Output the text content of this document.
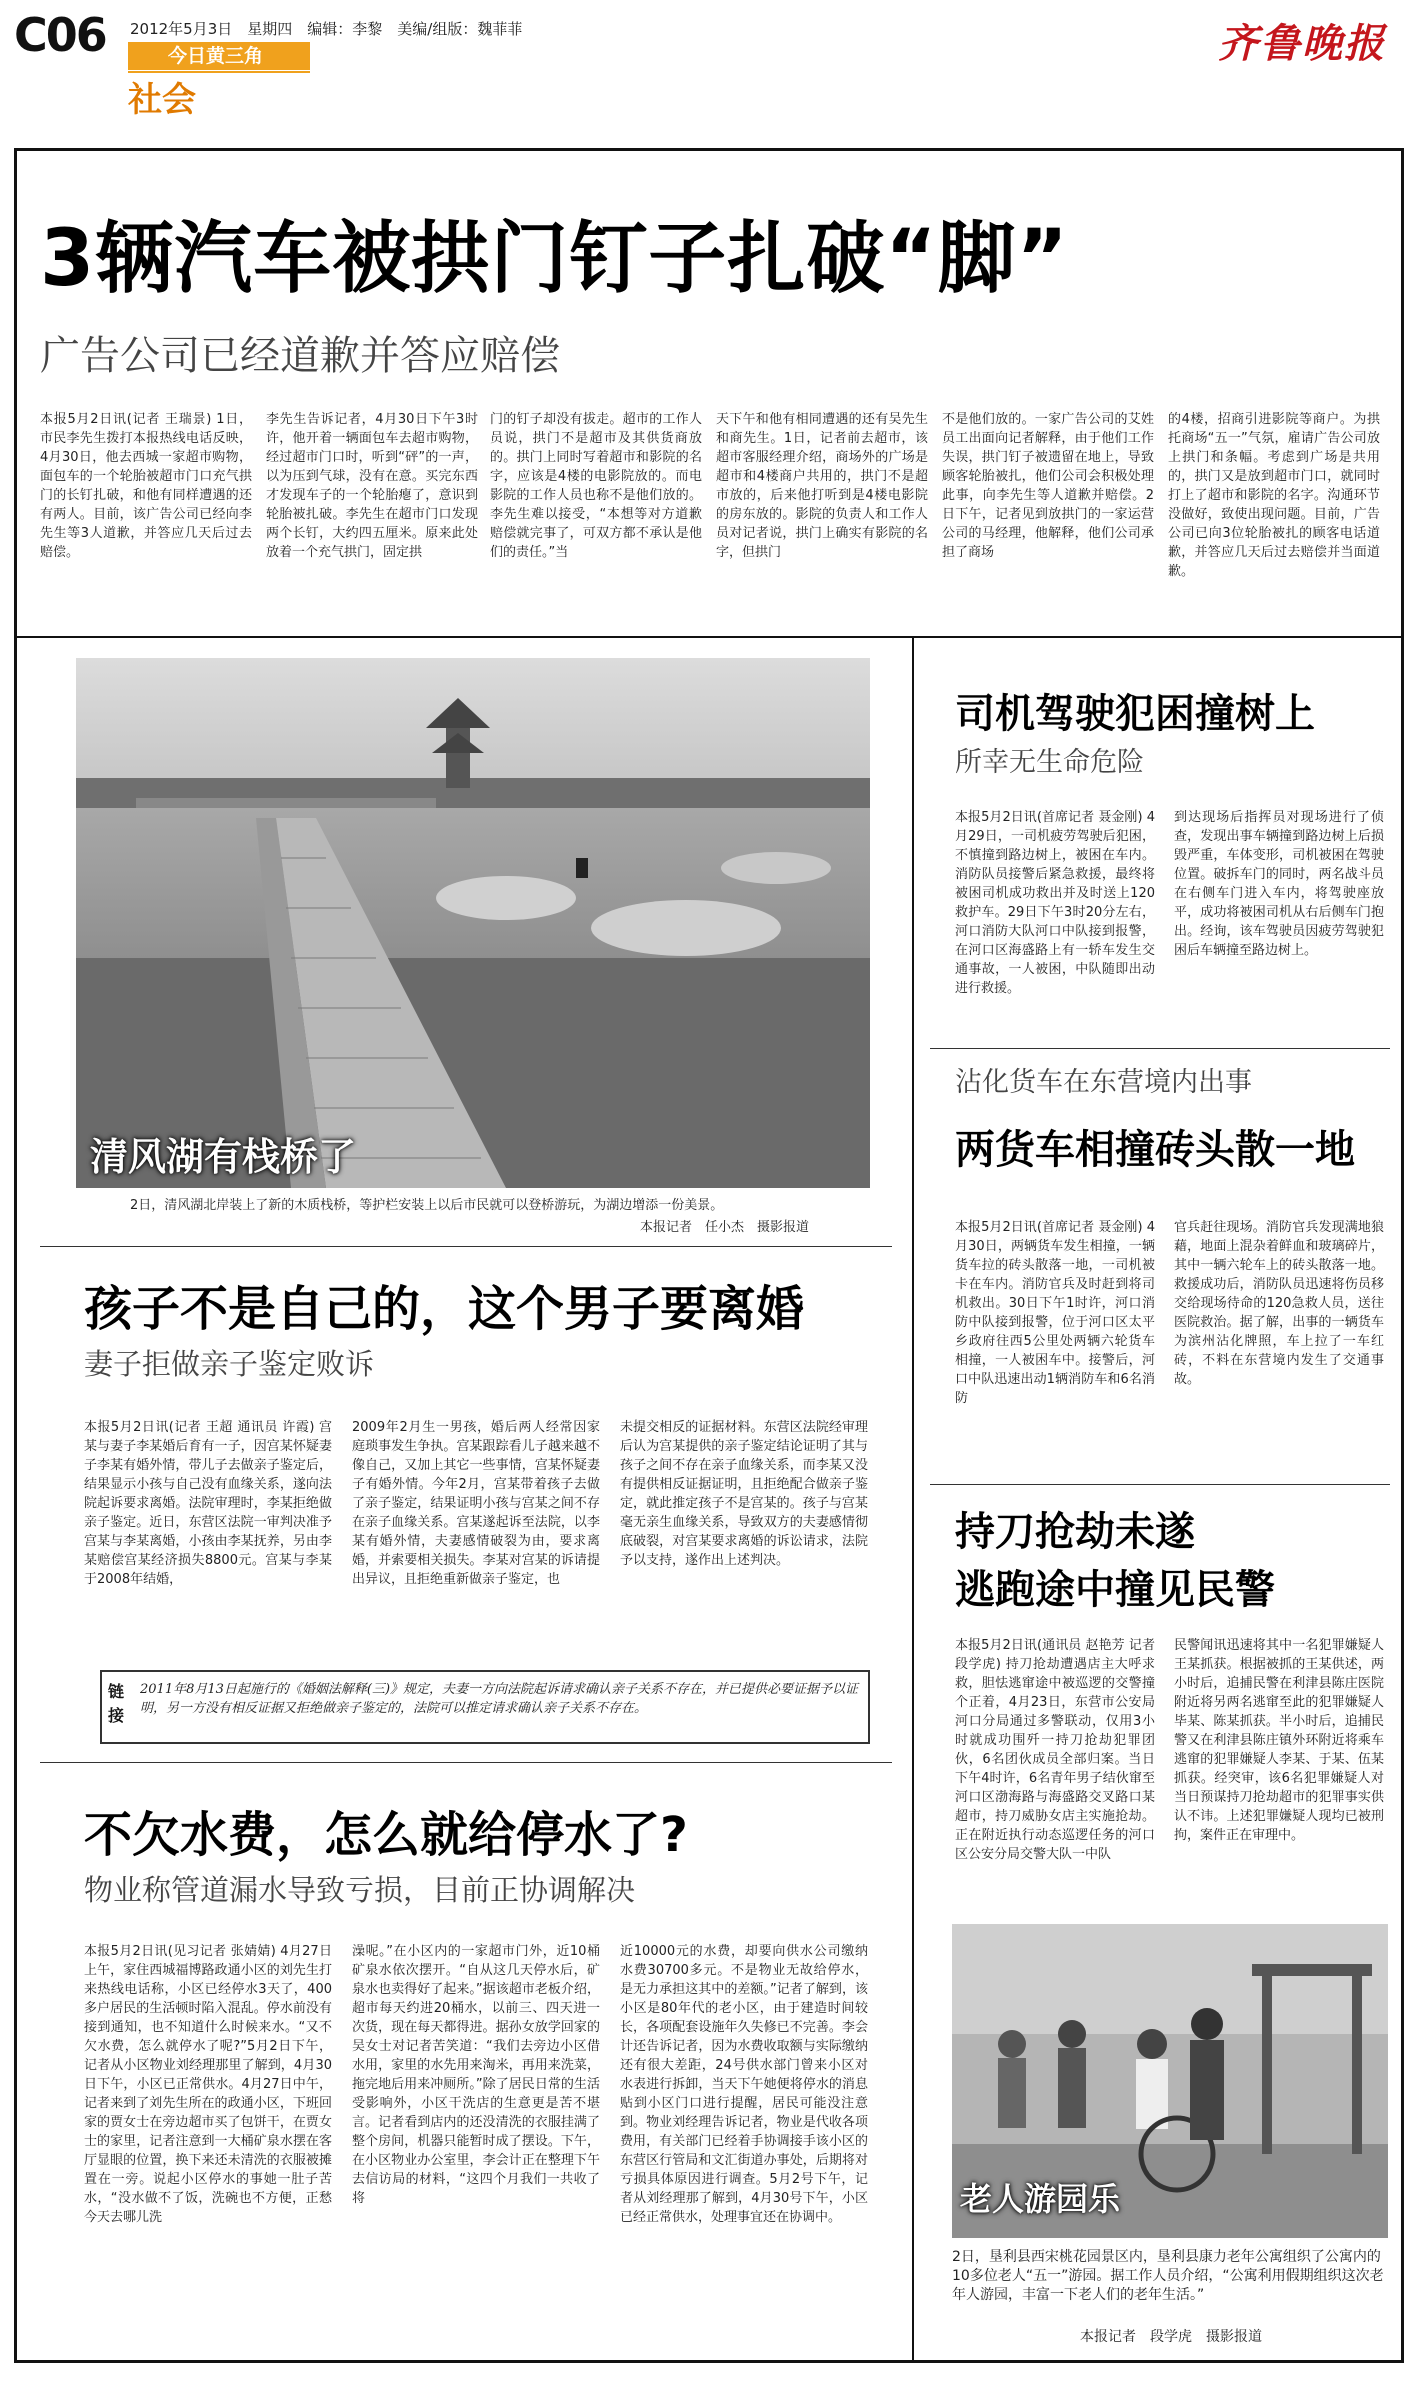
C06 2012年5月3日　星期四　编辑：李黎　美编/组版：魏菲菲
今日黄三角
社会
齐鲁晚报
3辆汽车被拱门钉子扎破“脚”
广告公司已经道歉并答应赔偿
本报5月2日讯(记者 王瑞景) 1日，市民李先生拨打本报热线电话反映，4月30日，他去西城一家超市购物，面包车的一个轮胎被超市门口充气拱门的长钉扎破，和他有同样遭遇的还有两人。目前，该广告公司已经向李先生等3人道歉，并答应几天后过去赔偿。
李先生告诉记者，4月30日下午3时许，他开着一辆面包车去超市购物，经过超市门口时，听到“砰”的一声，以为压到气球，没有在意。买完东西才发现车子的一个轮胎瘪了，意识到轮胎被扎破。李先生在超市门口发现两个长钉，大约四五厘米。原来此处放着一个充气拱门，固定拱
门的钉子却没有拔走。超市的工作人员说，拱门不是超市及其供货商放的。拱门上同时写着超市和影院的名字，应该是4楼的电影院放的。而电影院的工作人员也称不是他们放的。李先生难以接受，“本想等对方道歉赔偿就完事了，可双方都不承认是他们的责任。”当
天下午和他有相同遭遇的还有吴先生和商先生。1日，记者前去超市，该超市客服经理介绍，商场外的广场是超市和4楼商户共用的，拱门不是超市放的，后来他打听到是4楼电影院的房东放的。影院的负责人和工作人员对记者说，拱门上确实有影院的名字，但拱门
不是他们放的。一家广告公司的艾姓员工出面向记者解释，由于他们工作失误，拱门钉子被遗留在地上，导致顾客轮胎被扎，他们公司会积极处理此事，向李先生等人道歉并赔偿。2日下午，记者见到放拱门的一家运营公司的马经理，他解释，他们公司承担了商场
的4楼，招商引进影院等商户。为拱托商场“五一”气氛，雇请广告公司放上拱门和条幅。考虑到广场是共用的，拱门又是放到超市门口，就同时打上了超市和影院的名字。沟通环节没做好，致使出现问题。目前，广告公司已向3位轮胎被扎的顾客电话道歉，并答应几天后过去赔偿并当面道歉。
清风湖有栈桥了
2日，清风湖北岸装上了新的木质栈桥，等护栏安装上以后市民就可以登桥游玩，为湖边增添一份美景。
本报记者　任小杰　摄影报道
司机驾驶犯困撞树上
所幸无生命危险
本报5月2日讯(首席记者 聂金刚) 4月29日，一司机疲劳驾驶后犯困，不慎撞到路边树上，被困在车内。消防队员接警后紧急救援，最终将被困司机成功救出并及时送上120救护车。29日下午3时20分左右，河口消防大队河口中队接到报警，在河口区海盛路上有一轿车发生交通事故，一人被困，中队随即出动进行救援。
到达现场后指挥员对现场进行了侦查，发现出事车辆撞到路边树上后损毁严重，车体变形，司机被困在驾驶位置。破拆车门的同时，两名战斗员在右侧车门进入车内，将驾驶座放平，成功将被困司机从右后侧车门抱出。经询，该车驾驶员因疲劳驾驶犯困后车辆撞至路边树上。
沾化货车在东营境内出事
两货车相撞砖头散一地
本报5月2日讯(首席记者 聂金刚) 4月30日，两辆货车发生相撞，一辆货车拉的砖头散落一地，一司机被卡在车内。消防官兵及时赶到将司机救出。30日下午1时许，河口消防中队接到报警，位于河口区太平乡政府往西5公里处两辆六轮货车相撞，一人被困车中。接警后，河口中队迅速出动1辆消防车和6名消防
官兵赶往现场。消防官兵发现满地狼藉，地面上混杂着鲜血和玻璃碎片，其中一辆六轮车上的砖头散落一地。救援成功后，消防队员迅速将伤员移交给现场待命的120急救人员，送往医院救治。据了解，出事的一辆货车为滨州沾化牌照，车上拉了一车红砖，不料在东营境内发生了交通事故。
持刀抢劫未遂
逃跑途中撞见民警
本报5月2日讯(通讯员 赵艳芳 记者 段学虎) 持刀抢劫遭遇店主大呼求救，胆怯逃窜途中被巡逻的交警撞个正着，4月23日，东营市公安局河口分局通过多警联动，仅用3小时就成功围歼一持刀抢劫犯罪团伙，6名团伙成员全部归案。当日下午4时许，6名青年男子结伙窜至河口区渤海路与海盛路交叉路口某超市，持刀威胁女店主实施抢劫。正在附近执行动态巡逻任务的河口区公安分局交警大队一中队
民警闻讯迅速将其中一名犯罪嫌疑人王某抓获。根据被抓的王某供述，两小时后，追捕民警在利津县陈庄医院附近将另两名逃窜至此的犯罪嫌疑人毕某、陈某抓获。半小时后，追捕民警又在利津县陈庄镇外环附近将乘车逃窜的犯罪嫌疑人李某、于某、伍某抓获。经突审，该6名犯罪嫌疑人对当日预谋持刀抢劫超市的犯罪事实供认不讳。上述犯罪嫌疑人现均已被刑拘，案件正在审理中。
老人游园乐
2日，垦利县西宋桃花园景区内，垦利县康力老年公寓组织了公寓内的10多位老人“五一”游园。据工作人员介绍，“公寓利用假期组织这次老年人游园，丰富一下老人们的老年生活。”
本报记者　段学虎　摄影报道
孩子不是自己的，这个男子要离婚
妻子拒做亲子鉴定败诉
本报5月2日讯(记者 王超 通讯员 许霞) 宫某与妻子李某婚后育有一子，因宫某怀疑妻子李某有婚外情，带儿子去做亲子鉴定后，结果显示小孩与自己没有血缘关系，遂向法院起诉要求离婚。法院审理时，李某拒绝做亲子鉴定。近日，东营区法院一审判决准予宫某与李某离婚，小孩由李某抚养，另由李某赔偿宫某经济损失8800元。宫某与李某于2008年结婚，
2009年2月生一男孩，婚后两人经常因家庭琐事发生争执。宫某跟踪看儿子越来越不像自己，又加上其它一些事情，宫某怀疑妻子有婚外情。今年2月，宫某带着孩子去做了亲子鉴定，结果证明小孩与宫某之间不存在亲子血缘关系。宫某遂起诉至法院，以李某有婚外情，夫妻感情破裂为由，要求离婚，并索要相关损失。李某对宫某的诉请提出异议，且拒绝重新做亲子鉴定，也
未提交相反的证据材料。东营区法院经审理后认为宫某提供的亲子鉴定结论证明了其与孩子之间不存在亲子血缘关系，而李某又没有提供相反证据证明，且拒绝配合做亲子鉴定，就此推定孩子不是宫某的。孩子与宫某毫无亲生血缘关系，导致双方的夫妻感情彻底破裂，对宫某要求离婚的诉讼请求，法院予以支持，遂作出上述判决。
链接
2011年8月13日起施行的《婚姻法解释(三)》规定，夫妻一方向法院起诉请求确认亲子关系不存在，并已提供必要证据予以证明，另一方没有相反证据又拒绝做亲子鉴定的，法院可以推定请求确认亲子关系不存在。
不欠水费，怎么就给停水了?
物业称管道漏水导致亏损，目前正协调解决
本报5月2日讯(见习记者 张婧婧) 4月27日上午，家住西城福博路政通小区的刘先生打来热线电话称，小区已经停水3天了，400多户居民的生活顿时陷入混乱。停水前没有接到通知，也不知道什么时候来水。“又不欠水费，怎么就停水了呢?”5月2日下午，记者从小区物业刘经理那里了解到，4月30日下午，小区已正常供水。4月27日中午，记者来到了刘先生所在的政通小区，下班回家的贾女士在旁边超市买了包饼干，在贾女士的家里，记者注意到一大桶矿泉水摆在客厅显眼的位置，换下来还未清洗的衣服被摊置在一旁。说起小区停水的事她一肚子苦水，“没水做不了饭，洗碗也不方便，正愁今天去哪儿洗
澡呢。”在小区内的一家超市门外，近10桶矿泉水依次摆开。“自从这几天停水后，矿泉水也卖得好了起来。”据该超市老板介绍，超市每天约进20桶水，以前三、四天进一次货，现在每天都得进。据孙女放学回家的吴女士对记者苦笑道：“我们去旁边小区借水用，家里的水先用来淘米，再用来洗菜，拖完地后用来冲厕所。”除了居民日常的生活受影响外，小区干洗店的生意更是苦不堪言。记者看到店内的还没清洗的衣服挂满了整个房间，机器只能暂时成了摆设。下午，在小区物业办公室里，李会计正在整理下午去信访局的材料，“这四个月我们一共收了将
近10000元的水费，却要向供水公司缴纳水费30700多元。不是物业无故给停水，是无力承担这其中的差额。”记者了解到，该小区是80年代的老小区，由于建造时间较长，各项配套设施年久失修已不完善。李会计还告诉记者，因为水费收取额与实际缴纳还有很大差距，24号供水部门曾来小区对水表进行拆卸，当天下午她便将停水的消息贴到小区门口进行提醒，居民可能没注意到。物业刘经理告诉记者，物业是代收各项费用，有关部门已经着手协调接手该小区的东营区行管局和文汇街道办事处，后期将对亏损具体原因进行调查。5月2号下午，记者从刘经理那了解到，4月30号下午，小区已经正常供水，处理事宜还在协调中。
